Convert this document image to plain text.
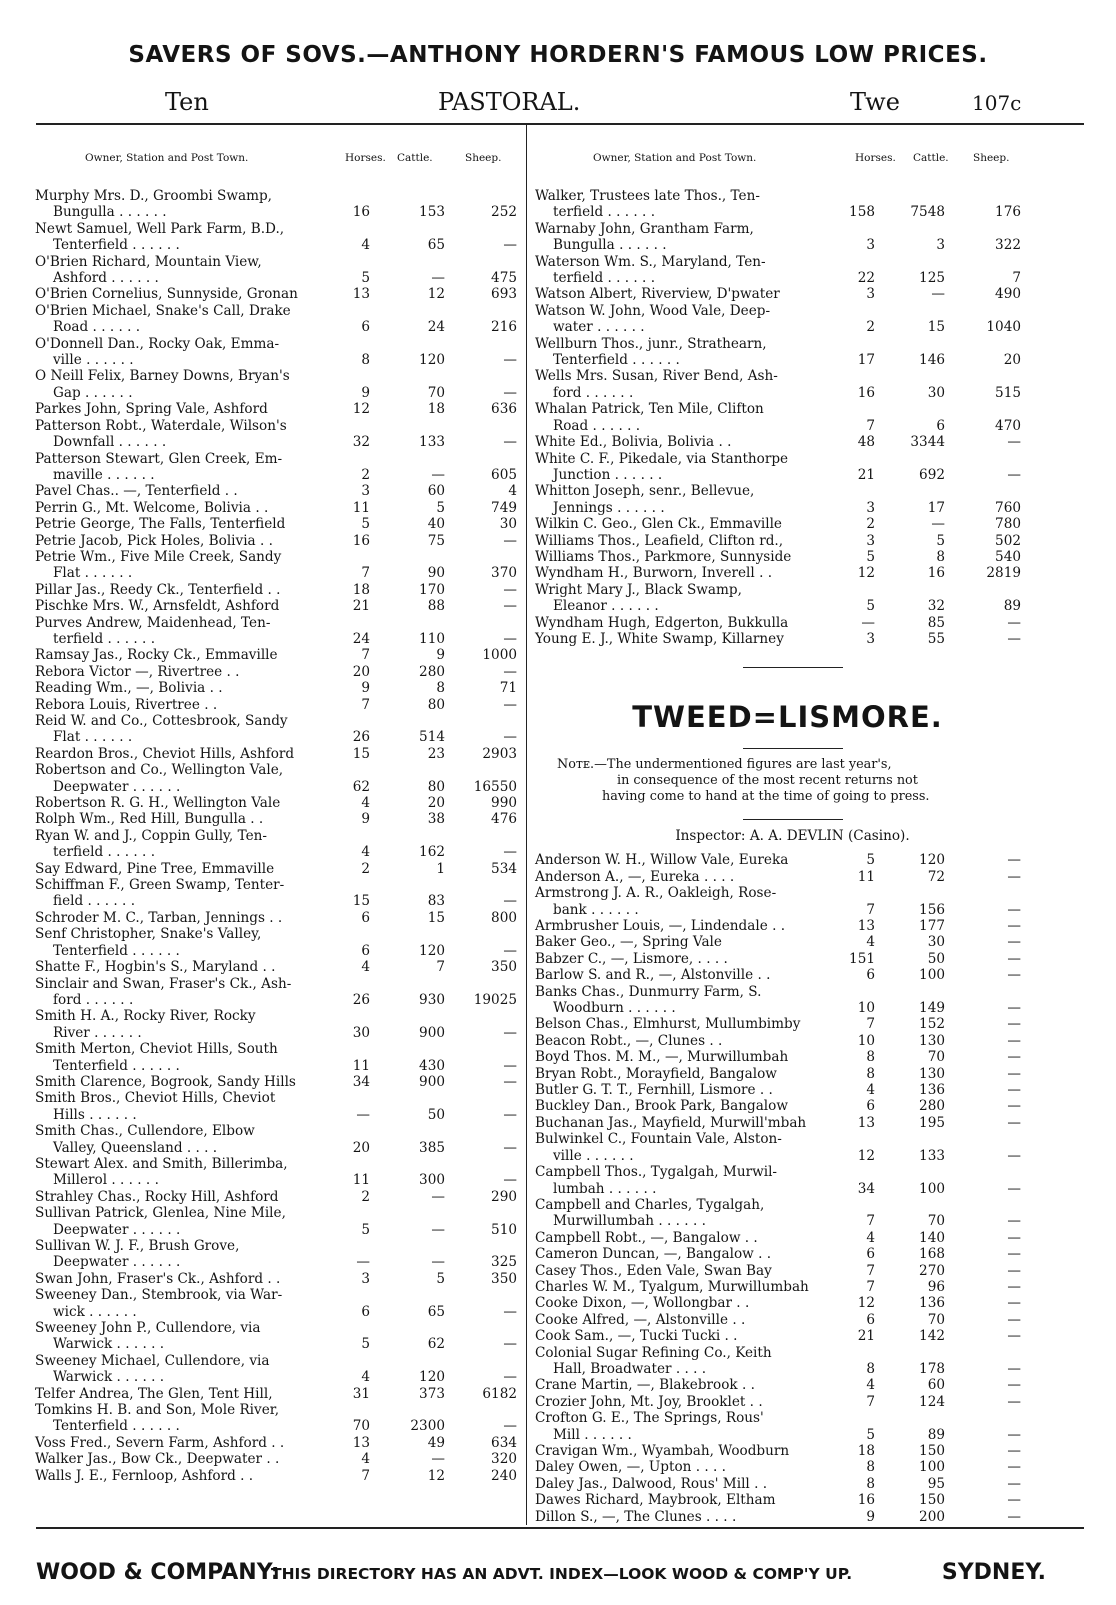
SAVERS OF SOVS.—ANTHONY HORDERN'S FAMOUS LOW PRICES.
Ten	PASTORAL.	Twe	107c
Owner, Station and Post Town.	Horses. Cattle.	Sheep.
Murphy Mrs. D., Groombi Swamp,
Bungulla . . . . . .	16	153	252
Newt Samuel, Well Park Farm, B.D.,
Tenterfield . . . . . .	4	65	—
O'Brien Richard, Mountain View,
Ashford . . . . . .	5	—	475
O'Brien Cornelius, Sunnyside, Gronan	13	12	693
O'Brien Michael, Snake's Call, Drake
Road . . . . . .	6	24	216
O'Donnell Dan., Rocky Oak, Emma-
ville . . . . . .	8	120	—
O Neill Felix, Barney Downs, Bryan's
Gap . . . . . .	9	70	—
Parkes John, Spring Vale, Ashford	12	18	636
Patterson Robt., Waterdale, Wilson's
Downfall . . . . . .	32	133	—
Patterson Stewart, Glen Creek, Em-
maville . . . . . .	2	—	605
Pavel Chas.. —, Tenterfield . .	3	60	4
Perrin G., Mt. Welcome, Bolivia . .	11	5	749
Petrie George, The Falls, Tenterfield	5	40	30
Petrie Jacob, Pick Holes, Bolivia . .	16	75	—
Petrie Wm., Five Mile Creek, Sandy
Flat . . . . . .	7	90	370
Pillar Jas., Reedy Ck., Tenterfield . .	18	170	—
Pischke Mrs. W., Arnsfeldt, Ashford	21	88	—
Purves Andrew, Maidenhead, Ten-
terfield . . . . . .	24	110	—
Ramsay Jas., Rocky Ck., Emmaville	7	9	1000
Rebora Victor —, Rivertree . .	20	280	—
Reading Wm., —, Bolivia . .	9	8	71
Rebora Louis, Rivertree . .	7	80	—
Reid W. and Co., Cottesbrook, Sandy
Flat . . . . . .	26	514	—
Reardon Bros., Cheviot Hills, Ashford	15	23	2903
Robertson and Co., Wellington Vale,
Deepwater . . . . . .	62	80	16550
Robertson R. G. H., Wellington Vale	4	20	990
Rolph Wm., Red Hill, Bungulla . .	9	38	476
Ryan W. and J., Coppin Gully, Ten-
terfield . . . . . .	4	162	—
Say Edward, Pine Tree, Emmaville	2	1	534
Schiffman F., Green Swamp, Tenter-
field . . . . . .	15	83	—
Schroder M. C., Tarban, Jennings . .	6	15	800
Senf Christopher, Snake's Valley,
Tenterfield . . . . . .	6	120	—
Shatte F., Hogbin's S., Maryland . .	4	7	350
Sinclair and Swan, Fraser's Ck., Ash-
ford . . . . . .	26	930	19025
Smith H. A., Rocky River, Rocky
River . . . . . .	30	900	—
Smith Merton, Cheviot Hills, South
Tenterfield . . . . . .	11	430	—
Smith Clarence, Bogrook, Sandy Hills	34	900	—
Smith Bros., Cheviot Hills, Cheviot
Hills . . . . . .	—	50	—
Smith Chas., Cullendore, Elbow
Valley, Queensland . . . .	20	385	—
Stewart Alex. and Smith, Billerimba,
Millerol . . . . . .	11	300	—
Strahley Chas., Rocky Hill, Ashford	2	—	290
Sullivan Patrick, Glenlea, Nine Mile,
Deepwater . . . . . .	5	—	510
Sullivan W. J. F., Brush Grove,
Deepwater . . . . . .	—	—	325
Swan John, Fraser's Ck., Ashford . .	3	5	350
Sweeney Dan., Stembrook, via War-
wick . . . . . .	6	65	—
Sweeney John P., Cullendore, via
Warwick . . . . . .	5	62	—
Sweeney Michael, Cullendore, via
Warwick . . . . . .	4	120	—
Telfer Andrea, The Glen, Tent Hill,	31	373	6182
Tomkins H. B. and Son, Mole River,
Tenterfield . . . . . .	70	2300	—
Voss Fred., Severn Farm, Ashford . .	13	49	634
Walker Jas., Bow Ck., Deepwater . .	4	—	320
Walls J. E., Fernloop, Ashford . .	7	12	240
Owner, Station and Post Town.	Horses. Cattle. Sheep.
Walker, Trustees late Thos., Ten-
terfield . . . . . .	158	7548	176
Warnaby John, Grantham Farm,
Bungulla . . . . . .	3	3	322
Waterson Wm. S., Maryland, Ten-
terfield . . . . . .	22	125	7
Watson Albert, Riverview, D'pwater	3	—	490
Watson W. John, Wood Vale, Deep-
water . . . . . .	2	15	1040
Wellburn Thos., junr., Strathearn,
Tenterfield . . . . . .	17	146	20
Wells Mrs. Susan, River Bend, Ash-
ford . . . . . .	16	30	515
Whalan Patrick, Ten Mile, Clifton
Road . . . . . .	7	6	470
White Ed., Bolivia, Bolivia . .	48	3344	—
White C. F., Pikedale, via Stanthorpe
Junction . . . . . .	21	692	—
Whitton Joseph, senr., Bellevue,
Jennings . . . . . .	3	17	760
Wilkin C. Geo., Glen Ck., Emmaville	2	—	780
Williams Thos., Leafield, Clifton rd.,	3	5	502
Williams Thos., Parkmore, Sunnyside	5	8	540
Wyndham H., Burworn, Inverell . .	12	16	2819
Wright Mary J., Black Swamp,
Eleanor . . . . . .	5	32	89
Wyndham Hugh, Edgerton, Bukkulla	—	85	—
Young E. J., White Swamp, Killarney	3	55	—
TWEED=LISMORE.
Nᴏᴛᴇ.—The undermentioned figures are last year's,
in consequence of the most recent returns not
having come to hand at the time of going to press.
Inspector: A. A. DEVLIN (Casino).
Anderson W. H., Willow Vale, Eureka	5	120	—
Anderson A., —, Eureka . . . .	11	72	—
Armstrong J. A. R., Oakleigh, Rose-
bank . . . . . .	7	156	—
Armbrusher Louis, —, Lindendale . .	13	177	—
Baker Geo., —, Spring Vale	4	30	—
Babzer C., —, Lismore, . . . .	151	50	—
Barlow S. and R., —, Alstonville . .	6	100	—
Banks Chas., Dunmurry Farm, S.
Woodburn . . . . . .	10	149	—
Belson Chas., Elmhurst, Mullumbimby	7	152	—
Beacon Robt., —, Clunes . .	10	130	—
Boyd Thos. M. M., —, Murwillumbah	8	70	—
Bryan Robt., Morayfield, Bangalow	8	130	—
Butler G. T. T., Fernhill, Lismore . .	4	136	—
Buckley Dan., Brook Park, Bangalow	6	280	—
Buchanan Jas., Mayfield, Murwill'mbah	13	195	—
Bulwinkel C., Fountain Vale, Alston-
ville . . . . . .	12	133	—
Campbell Thos., Tygalgah, Murwil-
lumbah . . . . . .	34	100	—
Campbell and Charles, Tygalgah,
Murwillumbah . . . . . .	7	70	—
Campbell Robt., —, Bangalow . .	4	140	—
Cameron Duncan, —, Bangalow . .	6	168	—
Casey Thos., Eden Vale, Swan Bay	7	270	—
Charles W. M., Tyalgum, Murwillumbah	7	96	—
Cooke Dixon, —, Wollongbar . .	12	136	—
Cooke Alfred, —, Alstonville . .	6	70	—
Cook Sam., —, Tucki Tucki . .	21	142	—
Colonial Sugar Refining Co., Keith
Hall, Broadwater . . . .	8	178	—
Crane Martin, —, Blakebrook . .	4	60	—
Crozier John, Mt. Joy, Brooklet . .	7	124	—
Crofton G. E., The Springs, Rous'
Mill . . . . . .	5	89	—
Cravigan Wm., Wyambah, Woodburn	18	150	—
Daley Owen, —, Upton . . . .	8	100	—
Daley Jas., Dalwood, Rous' Mill . .	8	95	—
Dawes Richard, Maybrook, Eltham	16	150	—
Dillon S., —, The Clunes . . . .	9	200	—
WOOD & COMPANY:
THIS DIRECTORY HAS AN ADVT. INDEX—LOOK WOOD & COMP'Y UP.	SYDNEY.
